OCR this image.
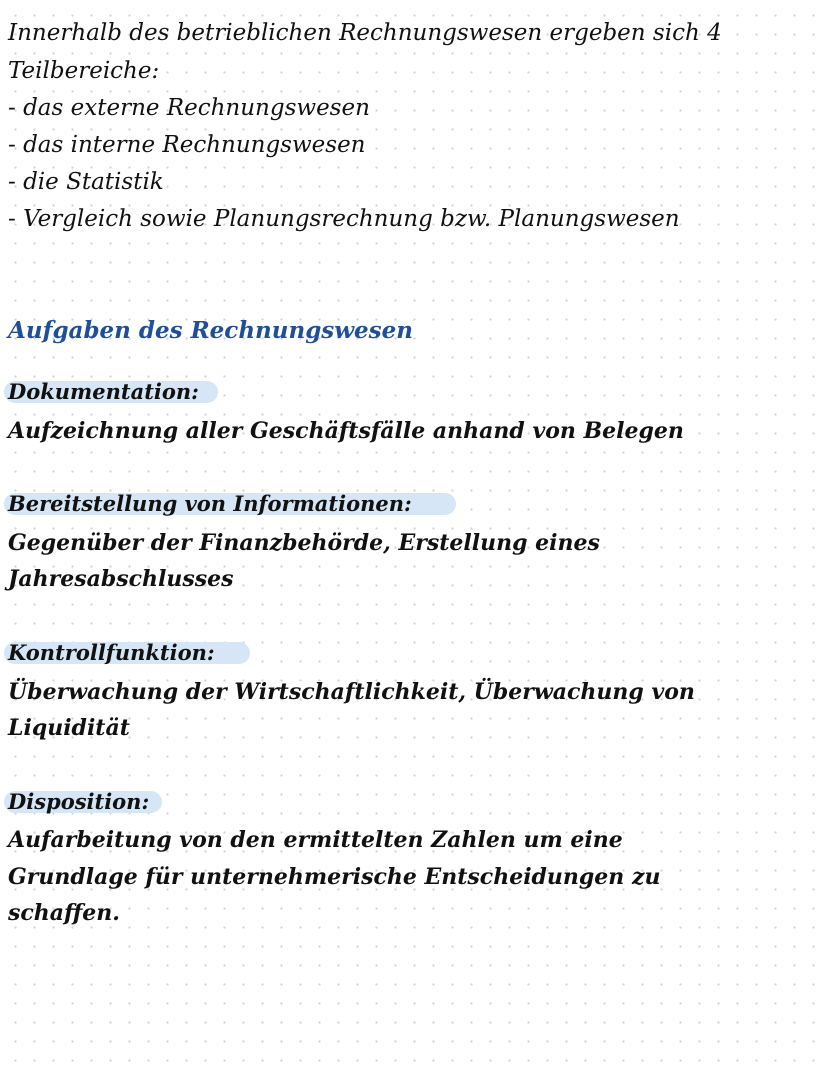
Innerhalb des betrieblichen Rechnungswesen ergeben sich 4
Teilbereiche:
- das externe Rechnungswesen
- das interne Rechnungswesen
- die Statistik
- Vergleich sowie Planungsrechnung bzw. Planungswesen
Aufgaben des Rechnungswesen
Dokumentation:
Aufzeichnung aller Geschäftsfälle anhand von Belegen
Bereitstellung von Informationen:
Gegenüber der Finanzbehörde, Erstellung eines
Jahresabschlusses
Kontrollfunktion:
Überwachung der Wirtschaftlichkeit, Überwachung von
Liquidität
Disposition:
Aufarbeitung von den ermittelten Zahlen um eine
Grundlage für unternehmerische Entscheidungen zu
schaffen.
